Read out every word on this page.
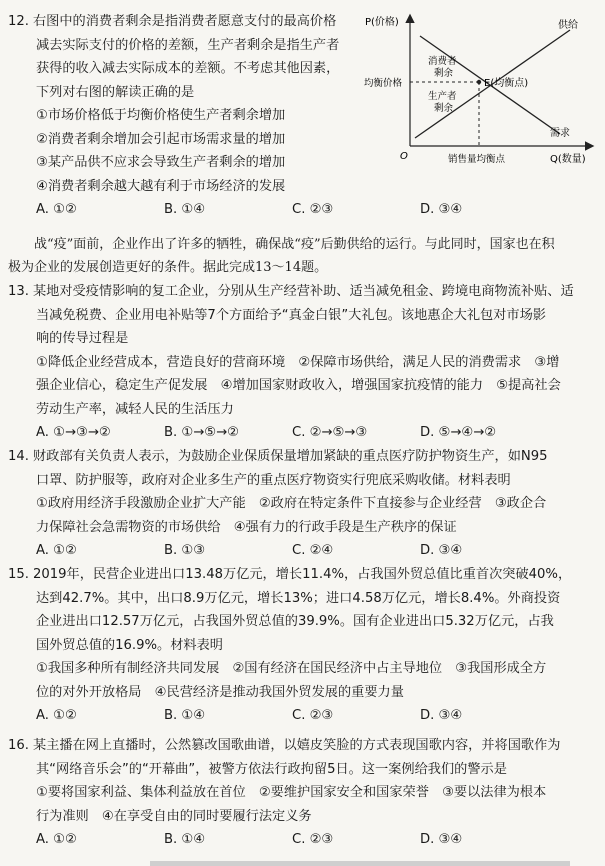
12. 右图中的消费者剩余是指消费者愿意支付的最高价格

减去实际支付的价格的差额，生产者剩余是指生产者

获得的收入减去实际成本的差额。不考虑其他因素，

下列对右图的解读正确的是

①市场价格低于均衡价格使生产者剩余增加

②消费者剩余增加会引起市场需求量的增加

③某产品供不应求会导致生产者剩余的增加

④消费者剩余越大越有利于市场经济的发展

A. ①②	B. ①④	C. ②③	D. ③④
P(价格)
Q(数量)
O
供给
需求
E(均衡点)
均衡价格
销售量均衡点
消费者
剩余
生产者
剩余

战“疫”面前，企业作出了许多的牺牲，确保战“疫”后勤供给的运行。与此同时，国家也在积

极为企业的发展创造更好的条件。据此完成13～14题。

13. 某地对受疫情影响的复工企业，分别从生产经营补助、适当减免租金、跨境电商物流补贴、适

当减免税费、企业用电补贴等7个方面给予“真金白银”大礼包。该地惠企大礼包对市场影

响的传导过程是

①降低企业经营成本，营造良好的营商环境　②保障市场供给，满足人民的消费需求　③增

强企业信心，稳定生产促发展　④增加国家财政收入，增强国家抗疫情的能力　⑤提高社会

劳动生产率，减轻人民的生活压力

A. ①→③→②	B. ①→⑤→②	C. ②→⑤→③	D. ⑤→④→②

14. 财政部有关负责人表示，为鼓励企业保质保量增加紧缺的重点医疗防护物资生产，如N95

口罩、防护服等，政府对企业多生产的重点医疗物资实行兜底采购收储。材料表明

①政府用经济手段激励企业扩大产能　②政府在特定条件下直接参与企业经营　③政企合

力保障社会急需物资的市场供给　④强有力的行政手段是生产秩序的保证

A. ①②	B. ①③	C. ②④	D. ③④

15. 2019年，民营企业进出口13.48万亿元，增长11.4%，占我国外贸总值比重首次突破40%，

达到42.7%。其中，出口8.9万亿元，增长13%；进口4.58万亿元，增长8.4%。外商投资

企业进出口12.57万亿元，占我国外贸总值的39.9%。国有企业进出口5.32万亿元，占我

国外贸总值的16.9%。材料表明

①我国多种所有制经济共同发展　②国有经济在国民经济中占主导地位　③我国形成全方

位的对外开放格局　④民营经济是推动我国外贸发展的重要力量

A. ①②	B. ①④	C. ②③	D. ③④

16. 某主播在网上直播时，公然篡改国歌曲谱，以嬉皮笑脸的方式表现国歌内容，并将国歌作为

其“网络音乐会”的“开幕曲”，被警方依法行政拘留5日。这一案例给我们的警示是

①要将国家利益、集体利益放在首位　②要维护国家安全和国家荣誉　③要以法律为根本

行为准则　④在享受自由的同时要履行法定义务

A. ①②	B. ①④	C. ②③	D. ③④
